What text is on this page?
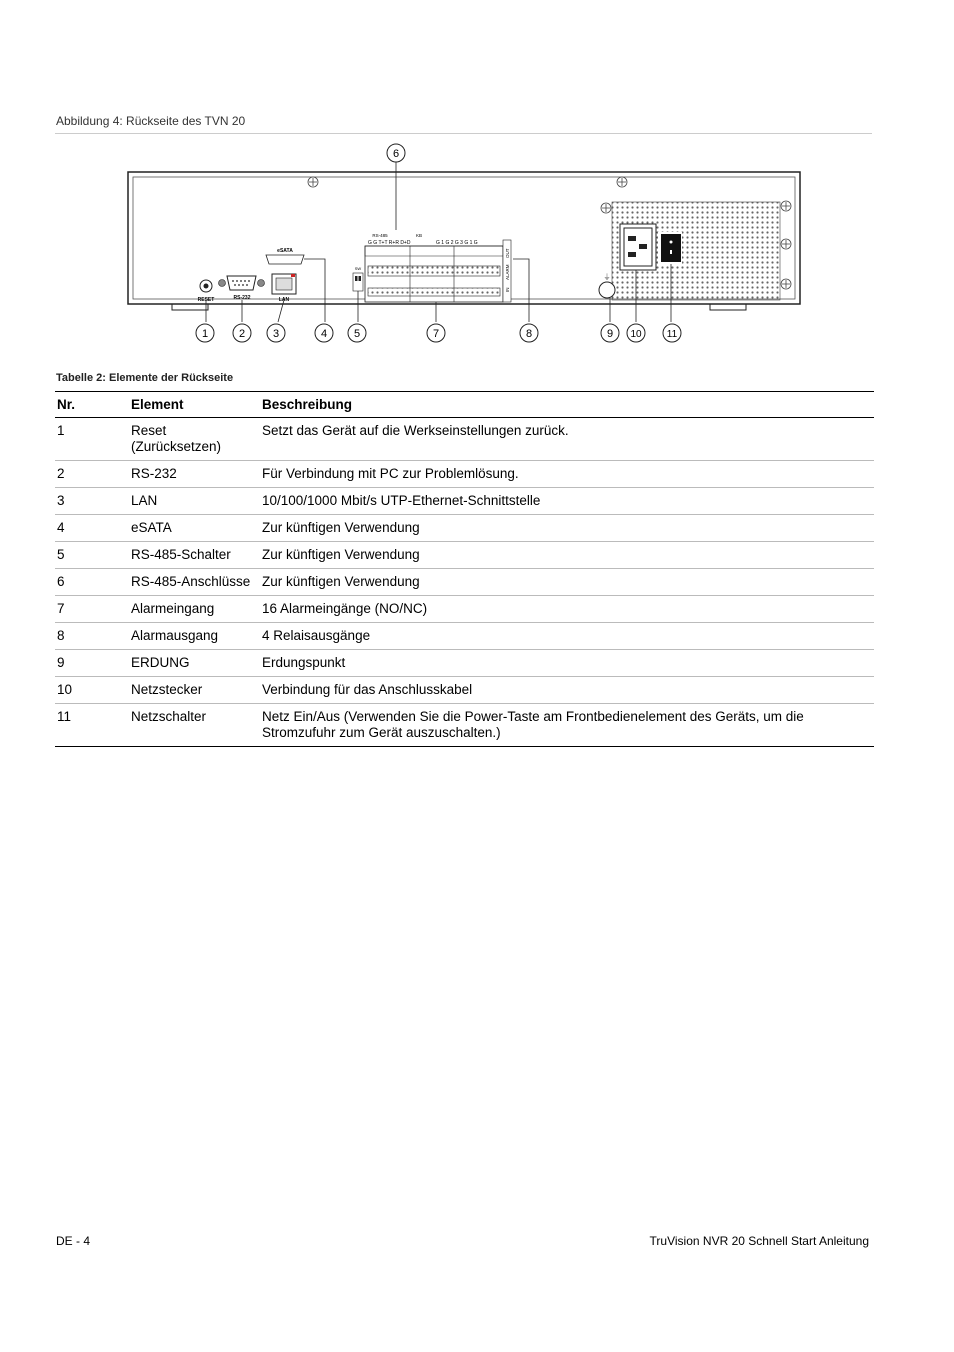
Abbildung 4: Rückseite des TVN 20
RESET	RS-232	LAN
eSATA
SW
RS-485	KB
G G T+T R+R D+D	G 1 G 2 G 3 G 1 G
IN
ALARM
OUT
⏚
1	2	3	4 5
6
7	8	9 10	11
Tabelle 2: Elemente der Rückseite
Nr.	Element	Beschreibung
1	Reset (Zurücksetzen)	Setzt das Gerät auf die Werkseinstellungen zurück.
2	RS-232	Für Verbindung mit PC zur Problemlösung.
3	LAN	10/100/1000 Mbit/s UTP-Ethernet-Schnittstelle
4	eSATA	Zur künftigen Verwendung
5	RS-485-Schalter	Zur künftigen Verwendung
6	RS-485-Anschlüsse	Zur künftigen Verwendung
7	Alarmeingang	16 Alarmeingänge (NO/NC)
8	Alarmausgang	4 Relaisausgänge
9	ERDUNG	Erdungspunkt
10	Netzstecker	Verbindung für das Anschlusskabel
11	Netzschalter	Netz Ein/Aus (Verwenden Sie die Power-Taste am Frontbedienelement des Geräts, um die Stromzufuhr zum Gerät auszuschalten.)
DE - 4	TruVision NVR 20 Schnell Start Anleitung
